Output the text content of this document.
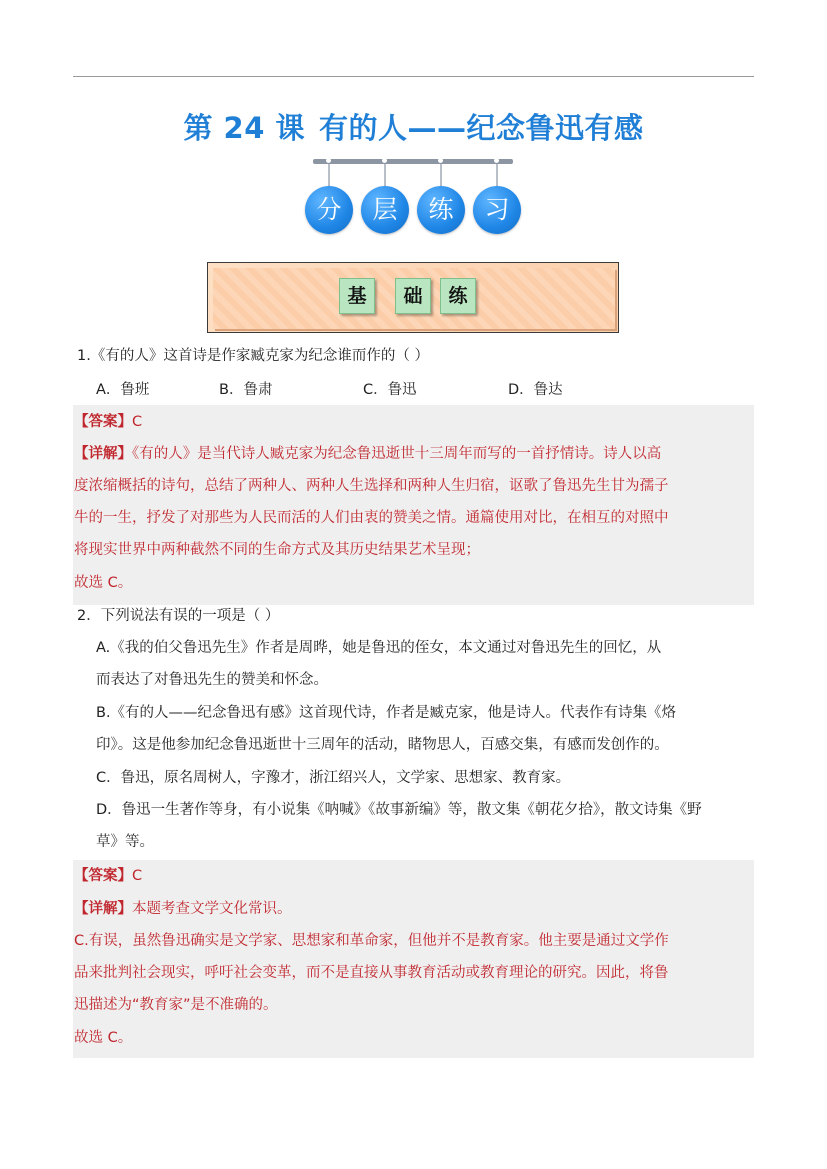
第 24 课 有的人——纪念鲁迅有感
分	层	练	习
基	础	练
1.《有的人》这首诗是作家臧克家为纪念谁而作的（ ）
A．鲁班	B．鲁肃	C．鲁迅	D．鲁达
【答案】C
【详解】《有的人》是当代诗人臧克家为纪念鲁迅逝世十三周年而写的一首抒情诗。诗人以高
度浓缩概括的诗句，总结了两种人、两种人生选择和两种人生归宿，讴歌了鲁迅先生甘为孺子
牛的一生，抒发了对那些为人民而活的人们由衷的赞美之情。通篇使用对比，在相互的对照中
将现实世界中两种截然不同的生命方式及其历史结果艺术呈现；
故选 C。
2．下列说法有误的一项是（ ）
A.《我的伯父鲁迅先生》作者是周晔，她是鲁迅的侄女，本文通过对鲁迅先生的回忆，从
而表达了对鲁迅先生的赞美和怀念。
B.《有的人——纪念鲁迅有感》这首现代诗，作者是臧克家，他是诗人。代表作有诗集《烙
印》。这是他参加纪念鲁迅逝世十三周年的活动，睹物思人，百感交集，有感而发创作的。
C．鲁迅，原名周树人，字豫才，浙江绍兴人，文学家、思想家、教育家。
D．鲁迅一生著作等身，有小说集《呐喊》《故事新编》等，散文集《朝花夕拾》，散文诗集《野
草》等。
【答案】C
【详解】本题考查文学文化常识。
C.有误，虽然鲁迅确实是文学家、思想家和革命家，但他并不是教育家。他主要是通过文学作
品来批判社会现实，呼吁社会变革，而不是直接从事教育活动或教育理论的研究。因此，将鲁
迅描述为“教育家”是不准确的。
故选 C。
